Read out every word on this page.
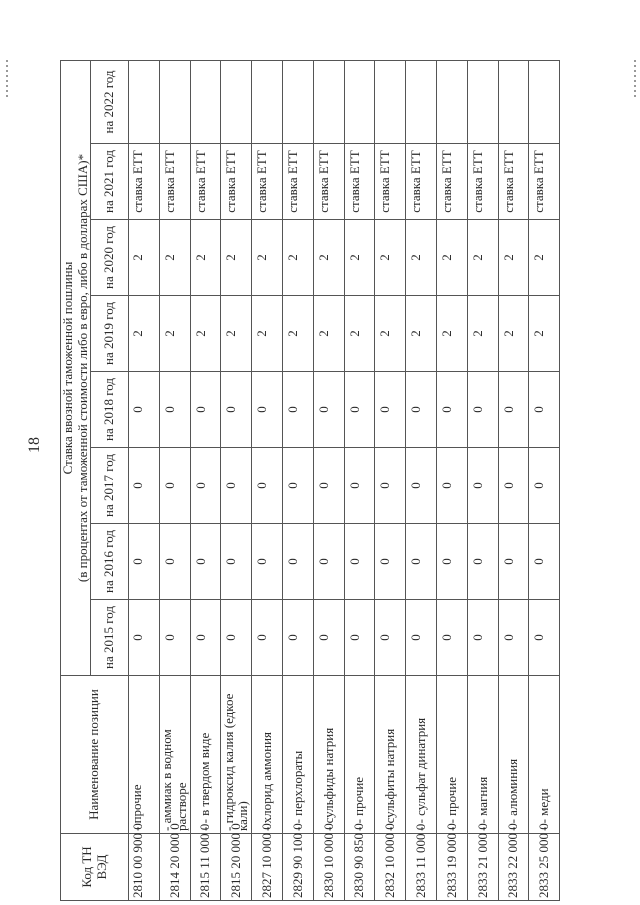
18
Код ТН ВЭД	Наименование позиции	Ставка ввозной таможенной пошлины (в процентах от таможенной стоимости либо в евро, либо в долларах США)*							

		на 2015 год	на 2016 год	на 2017 год	на 2018 год	на 2019 год	на 2020 год	на 2021 год	на 2022 год
2810 00 900 0	- прочие	0	0	0	0	2	2	ставка ЕТТ	
2814 20 000 0	- аммиак в водном растворе	0	0	0	0	2	2	ставка ЕТТ	
2815 11 000 0	- - в твердом виде	0	0	0	0	2	2	ставка ЕТТ	
2815 20 000 0	- гидроксид калия (едкое кали)	0	0	0	0	2	2	ставка ЕТТ	
2827 10 000 0	- хлорид аммония	0	0	0	0	2	2	ставка ЕТТ	
2829 90 100 0	- - перхлораты	0	0	0	0	2	2	ставка ЕТТ	
2830 10 000 0	- сульфиды натрия	0	0	0	0	2	2	ставка ЕТТ	
2830 90 850 0	- - прочие	0	0	0	0	2	2	ставка ЕТТ	
2832 10 000 0	- сульфиты натрия	0	0	0	0	2	2	ставка ЕТТ	
2833 11 000 0	- - сульфат динатрия	0	0	0	0	2	2	ставка ЕТТ	
2833 19 000 0	- - прочие	0	0	0	0	2	2	ставка ЕТТ	
2833 21 000 0	- - магния	0	0	0	0	2	2	ставка ЕТТ	
2833 22 000 0	- - алюминия	0	0	0	0	2	2	ставка ЕТТ	
2833 25 000 0	- - меди	0	0	0	0	2	2	ставка ЕТТ	
